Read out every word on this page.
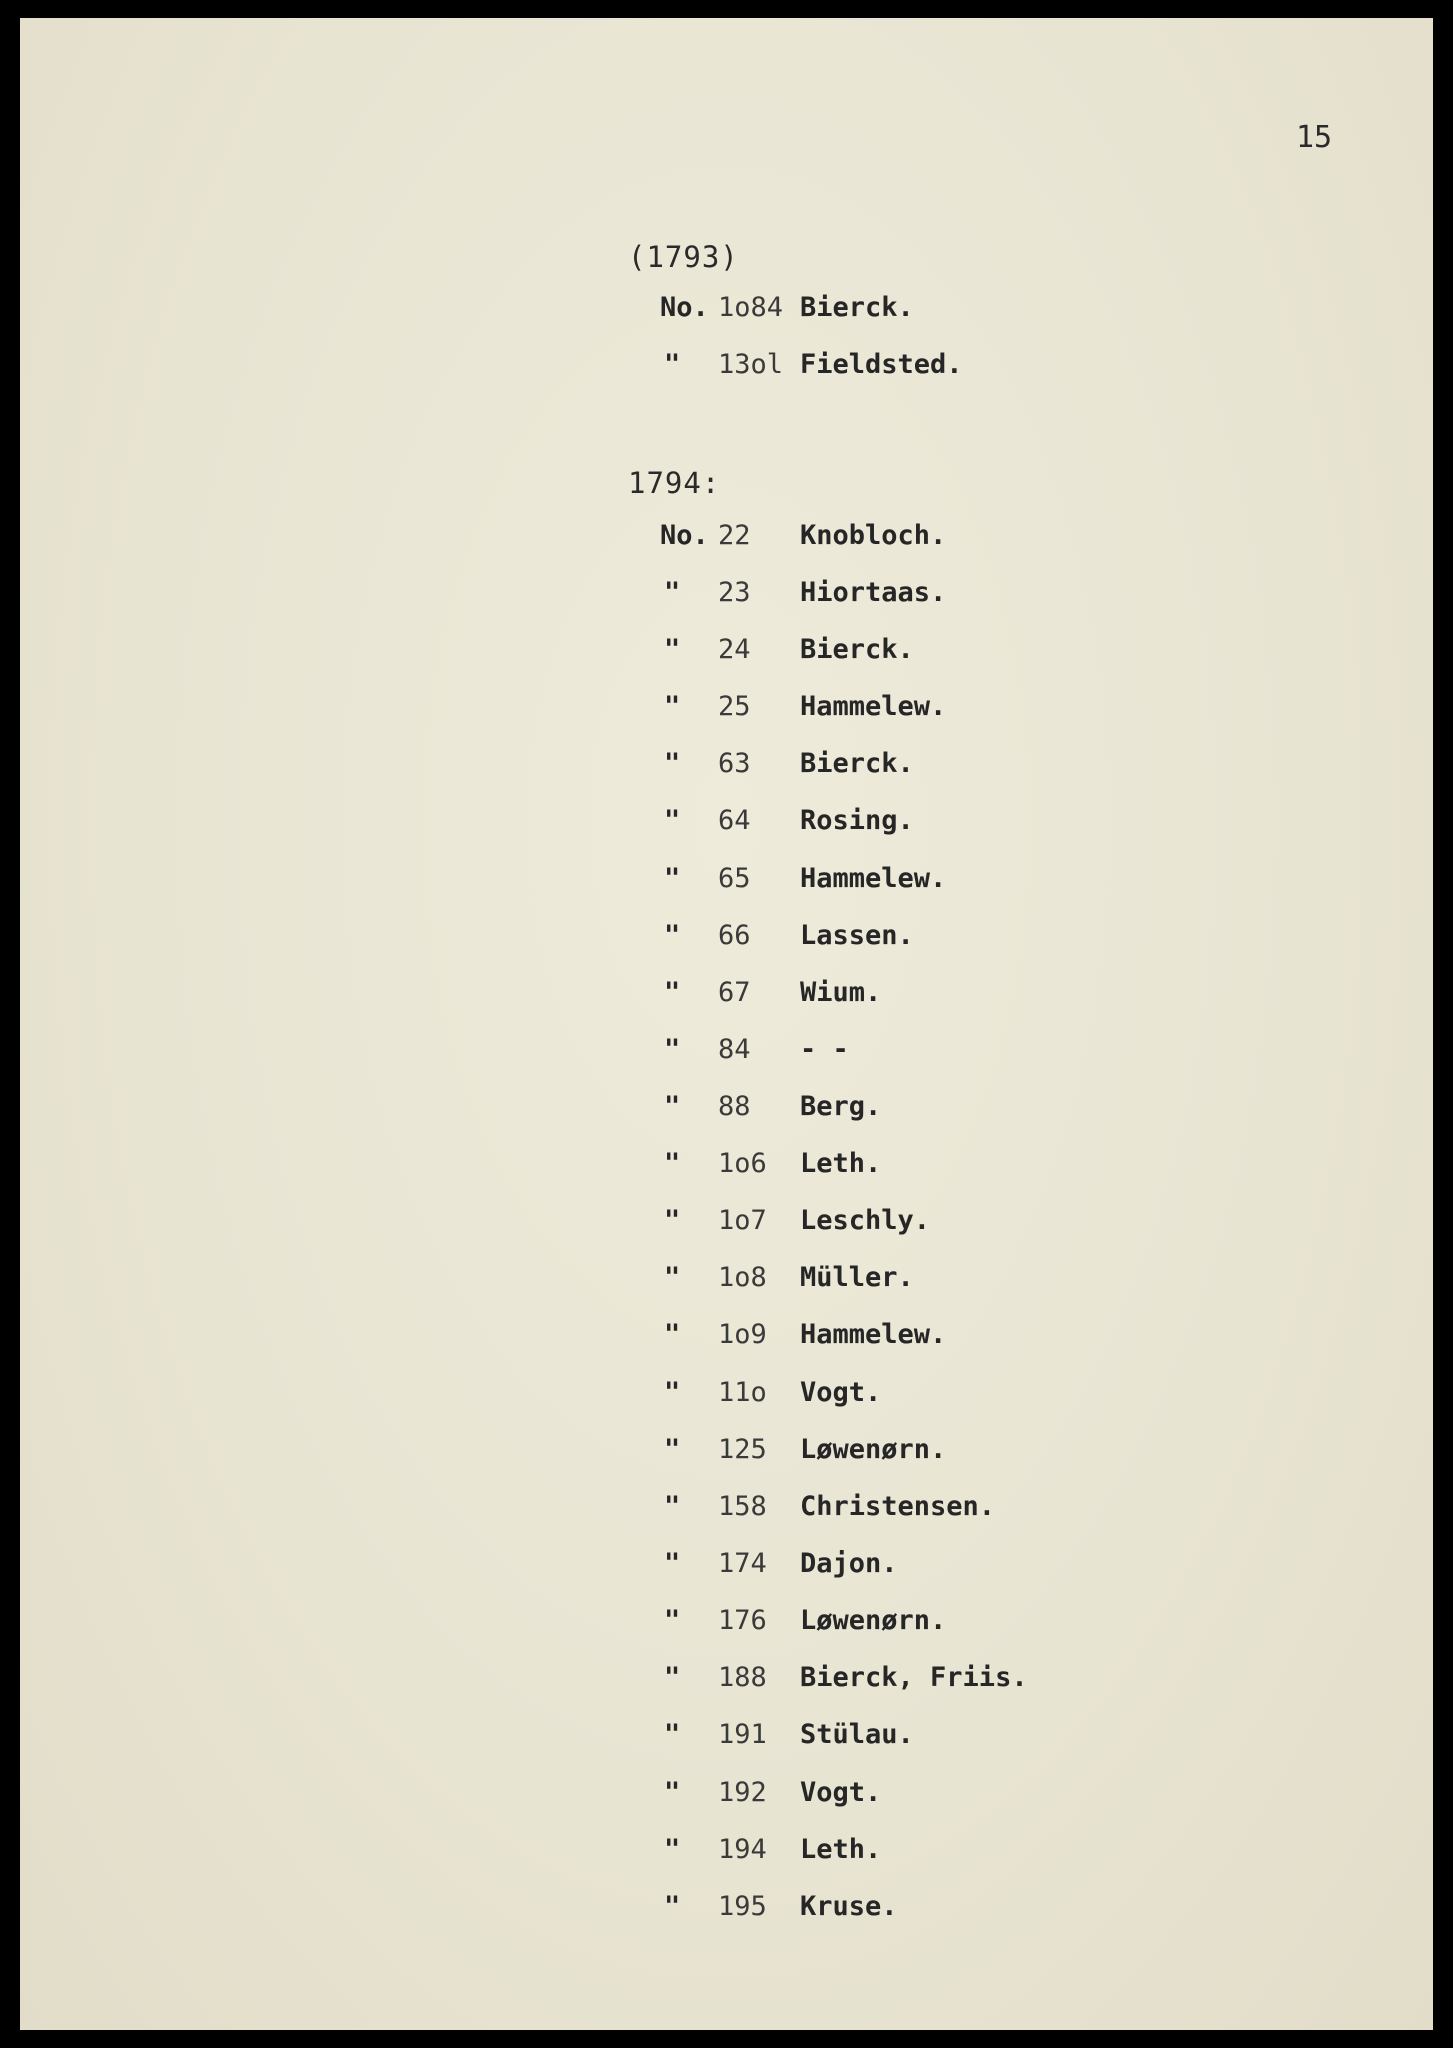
15
(1793)
No. 1o84 Bierck.
" 13ol Fieldsted.
1794:
No. 22 Knobloch.
" 23 Hiortaas.
" 24 Bierck.
" 25 Hammelew.
" 63 Bierck.
" 64 Rosing.
" 65 Hammelew.
" 66 Lassen.
" 67 Wium.
" 84 - -
" 88 Berg.
" 1o6 Leth.
" 1o7 Leschly.
" 1o8 Müller.
" 1o9 Hammelew.
" 11o Vogt.
" 125 Løwenørn.
" 158 Christensen.
" 174 Dajon.
" 176 Løwenørn.
" 188 Bierck, Friis.
" 191 Stülau.
" 192 Vogt.
" 194 Leth.
" 195 Kruse.
